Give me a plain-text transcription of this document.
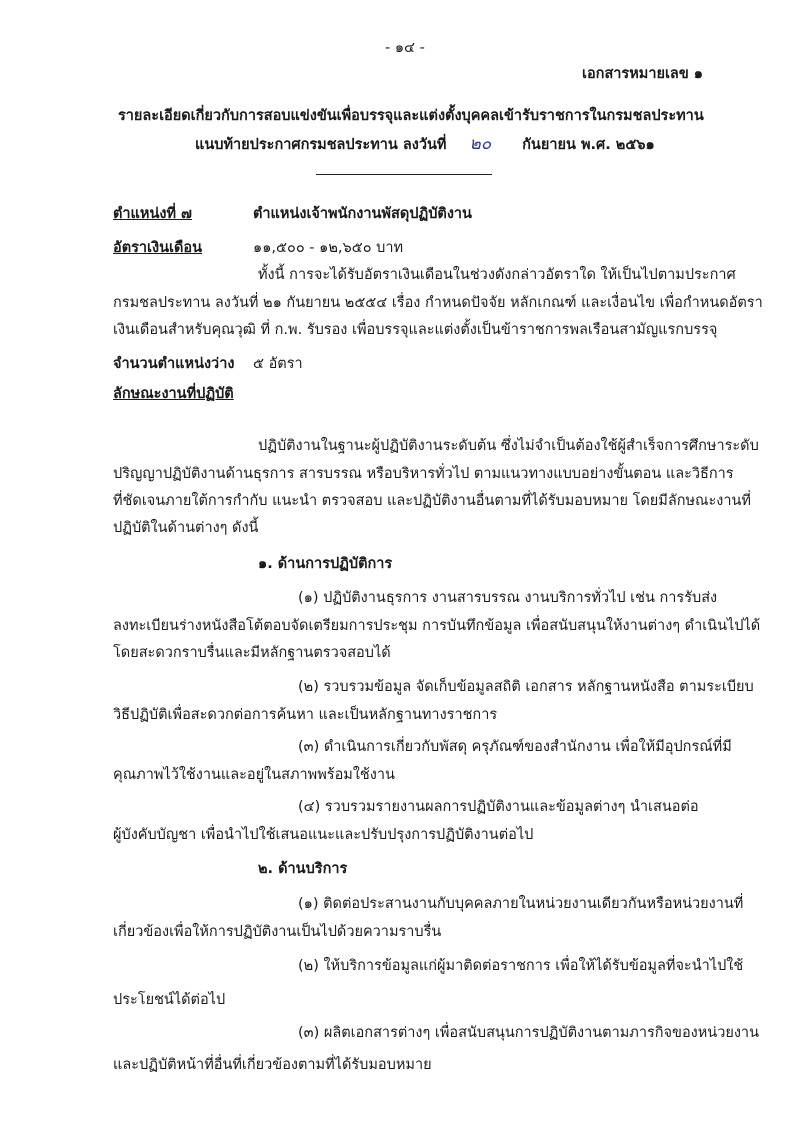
- ๑๔ -
เอกสารหมายเลข ๑
รายละเอียดเกี่ยวกับการสอบแข่งขันเพื่อบรรจุและแต่งตั้งบุคคลเข้ารับราชการในกรมชลประทาน
แนบท้ายประกาศกรมชลประทาน ลงวันที่ ๒๐ กันยายน พ.ศ. ๒๕๖๑
ตำแหน่งที่ ๗	ตำแหน่งเจ้าพนักงานพัสดุปฏิบัติงาน
อัตราเงินเดือน	๑๑,๕๐๐ - ๑๒,๖๕๐ บาท
ทั้งนี้ การจะได้รับอัตราเงินเดือนในช่วงดังกล่าวอัตราใด ให้เป็นไปตามประกาศ
กรมชลประทาน ลงวันที่ ๒๑ กันยายน ๒๕๕๔ เรื่อง กำหนดปัจจัย หลักเกณฑ์ และเงื่อนไข เพื่อกำหนดอัตรา
เงินเดือนสำหรับคุณวุฒิ ที่ ก.พ. รับรอง เพื่อบรรจุและแต่งตั้งเป็นข้าราชการพลเรือนสามัญแรกบรรจุ
จำนวนตำแหน่งว่าง ๕ อัตรา
ลักษณะงานที่ปฏิบัติ
ปฏิบัติงานในฐานะผู้ปฏิบัติงานระดับต้น ซึ่งไม่จำเป็นต้องใช้ผู้สำเร็จการศึกษาระดับ
ปริญญาปฏิบัติงานด้านธุรการ สารบรรณ หรือบริหารทั่วไป ตามแนวทางแบบอย่างขั้นตอน และวิธีการ
ที่ชัดเจนภายใต้การกำกับ แนะนำ ตรวจสอบ และปฏิบัติงานอื่นตามที่ได้รับมอบหมาย โดยมีลักษณะงานที่
ปฏิบัติในด้านต่างๆ ดังนี้
๑. ด้านการปฏิบัติการ
(๑) ปฏิบัติงานธุรการ งานสารบรรณ งานบริการทั่วไป เช่น การรับส่ง
ลงทะเบียนร่างหนังสือโต้ตอบจัดเตรียมการประชุม การบันทึกข้อมูล เพื่อสนับสนุนให้งานต่างๆ ดำเนินไปได้
โดยสะดวกราบรื่นและมีหลักฐานตรวจสอบได้
(๒) รวบรวมข้อมูล จัดเก็บข้อมูลสถิติ เอกสาร หลักฐานหนังสือ ตามระเบียบ
วิธีปฏิบัติเพื่อสะดวกต่อการค้นหา และเป็นหลักฐานทางราชการ
(๓) ดำเนินการเกี่ยวกับพัสดุ ครุภัณฑ์ของสำนักงาน เพื่อให้มีอุปกรณ์ที่มี
คุณภาพไว้ใช้งานและอยู่ในสภาพพร้อมใช้งาน
(๔) รวบรวมรายงานผลการปฏิบัติงานและข้อมูลต่างๆ นำเสนอต่อ
ผู้บังคับบัญชา เพื่อนำไปใช้เสนอแนะและปรับปรุงการปฏิบัติงานต่อไป
๒. ด้านบริการ
(๑) ติดต่อประสานงานกับบุคคลภายในหน่วยงานเดียวกันหรือหน่วยงานที่
เกี่ยวข้องเพื่อให้การปฏิบัติงานเป็นไปด้วยความราบรื่น
(๒) ให้บริการข้อมูลแก่ผู้มาติดต่อราชการ เพื่อให้ได้รับข้อมูลที่จะนำไปใช้
ประโยชน์ได้ต่อไป
(๓) ผลิตเอกสารต่างๆ เพื่อสนับสนุนการปฏิบัติงานตามภารกิจของหน่วยงาน
และปฏิบัติหน้าที่อื่นที่เกี่ยวข้องตามที่ได้รับมอบหมาย
